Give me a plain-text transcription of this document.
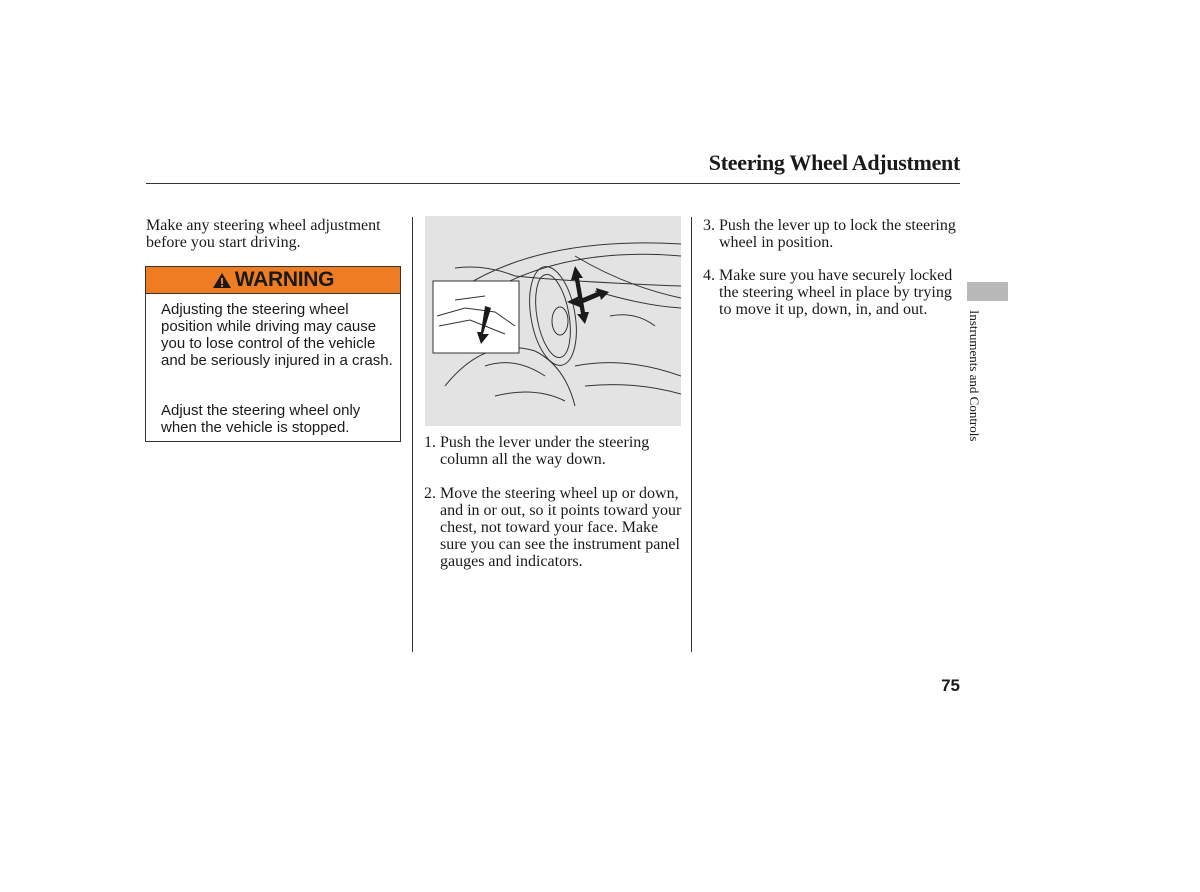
Steering Wheel Adjustment
Make any steering wheel adjustment before you start driving.
WARNING

Adjusting the steering wheel position while driving may cause you to lose control of the vehicle and be seriously injured in a crash.

Adjust the steering wheel only when the vehicle is stopped.

1. Push the lever under the steering column all the way down.
2. Move the steering wheel up or down, and in or out, so it points toward your chest, not toward your face. Make sure you can see the instrument panel gauges and indicators.
3. Push the lever up to lock the steering wheel in position.
4. Make sure you have securely locked the steering wheel in place by trying to move it up, down, in, and out.
Instruments and Controls
75
